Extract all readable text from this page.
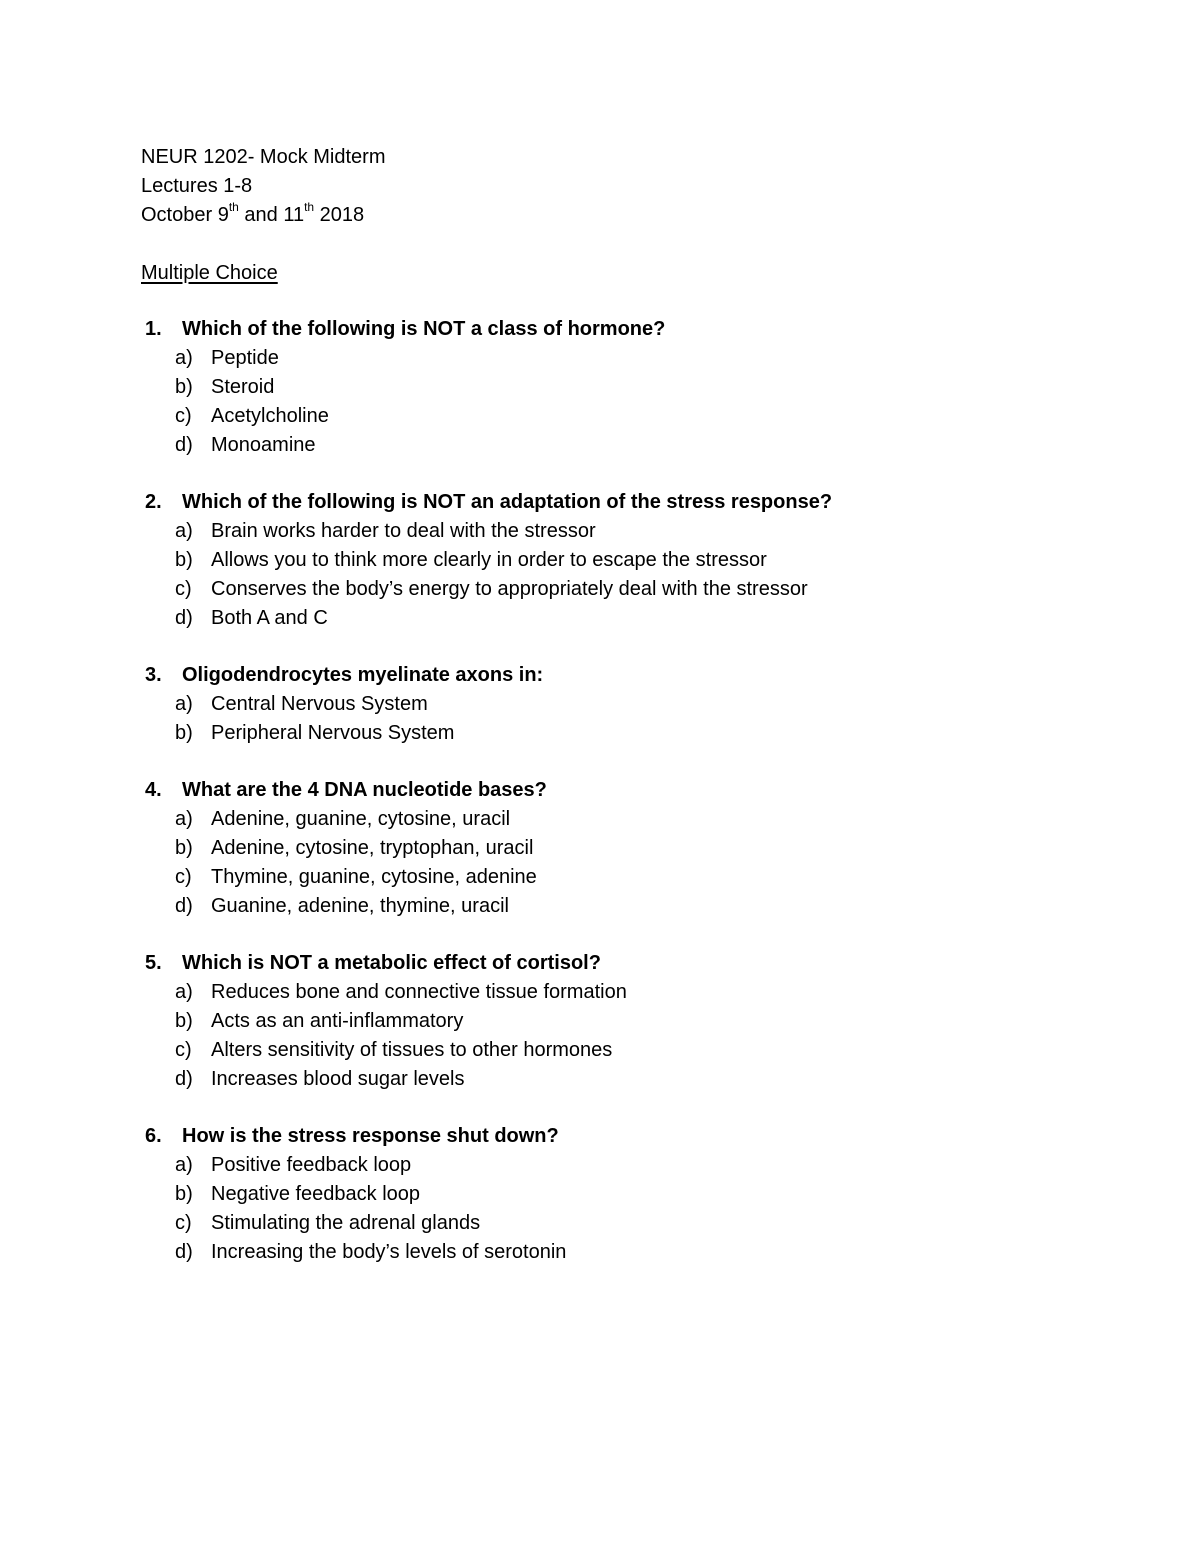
NEUR 1202- Mock Midterm
Lectures 1-8
October 9th and 11th 2018
Multiple Choice
1. Which of the following is NOT a class of hormone?
a) Peptide
b) Steroid
c) Acetylcholine
d) Monoamine
2. Which of the following is NOT an adaptation of the stress response?
a) Brain works harder to deal with the stressor
b) Allows you to think more clearly in order to escape the stressor
c) Conserves the body’s energy to appropriately deal with the stressor
d) Both A and C
3. Oligodendrocytes myelinate axons in:
a) Central Nervous System
b) Peripheral Nervous System
4. What are the 4 DNA nucleotide bases?
a) Adenine, guanine, cytosine, uracil
b) Adenine, cytosine, tryptophan, uracil
c) Thymine, guanine, cytosine, adenine
d) Guanine, adenine, thymine, uracil
5. Which is NOT a metabolic effect of cortisol?
a) Reduces bone and connective tissue formation
b) Acts as an anti-inflammatory
c) Alters sensitivity of tissues to other hormones
d) Increases blood sugar levels
6. How is the stress response shut down?
a) Positive feedback loop
b) Negative feedback loop
c) Stimulating the adrenal glands
d) Increasing the body’s levels of serotonin
